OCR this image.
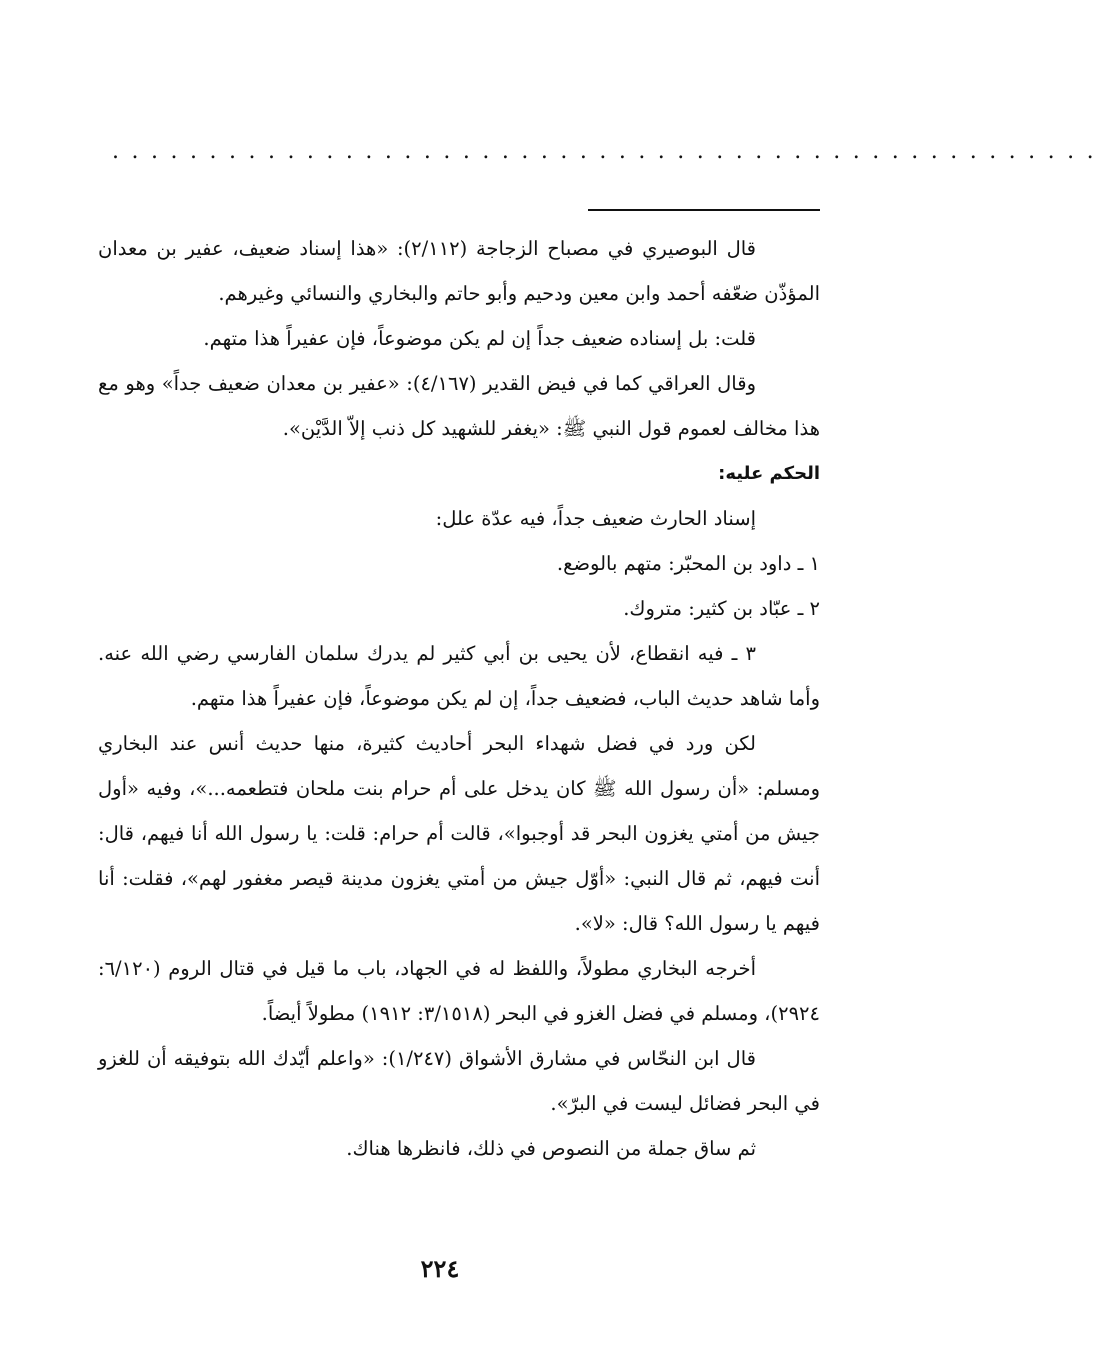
...................................................

قال البوصيري في مصباح الزجاجة (٢/١١٢): «هذا إسناد ضعيف، عفير بن معدان المؤذّن ضعّفه أحمد وابن معين ودحيم وأبو حاتم والبخاري والنسائي وغيرهم.

قلت: بل إسناده ضعيف جداً إن لم يكن موضوعاً، فإن عفيراً هذا متهم.

وقال العراقي كما في فيض القدير (٤/١٦٧): «عفير بن معدان ضعيف جداً» وهو مع هذا مخالف لعموم قول النبي ﷺ: «يغفر للشهيد كل ذنب إلاّ الدَّيْن».

الحكم عليه:

إسناد الحارث ضعيف جداً، فيه عدّة علل:

١ ـ داود بن المحبّر: متهم بالوضع.

٢ ـ عبّاد بن كثير: متروك.

٣ ـ فيه انقطاع، لأن يحيى بن أبي كثير لم يدرك سلمان الفارسي رضي الله عنه. وأما شاهد حديث الباب، فضعيف جداً، إن لم يكن موضوعاً، فإن عفيراً هذا متهم.

لكن ورد في فضل شهداء البحر أحاديث كثيرة، منها حديث أنس عند البخاري ومسلم: «أن رسول الله ﷺ كان يدخل على أم حرام بنت ملحان فتطعمه...»، وفيه «أول جيش من أمتي يغزون البحر قد أوجبوا»، قالت أم حرام: قلت: يا رسول الله أنا فيهم، قال: أنت فيهم، ثم قال النبي: «أوّل جيش من أمتي يغزون مدينة قيصر مغفور لهم»، فقلت: أنا فيهم يا رسول الله؟ قال: «لا».

أخرجه البخاري مطولاً، واللفظ له في الجهاد، باب ما قيل في قتال الروم (٦/١٢٠: ٢٩٢٤)، ومسلم في فضل الغزو في البحر (٣/١٥١٨: ١٩١٢) مطولاً أيضاً.

قال ابن النحّاس في مشارق الأشواق (١/٢٤٧): «واعلم أيّدك الله بتوفيقه أن للغزو في البحر فضائل ليست في البرّ».

ثم ساق جملة من النصوص في ذلك، فانظرها هناك.

٢٢٤
